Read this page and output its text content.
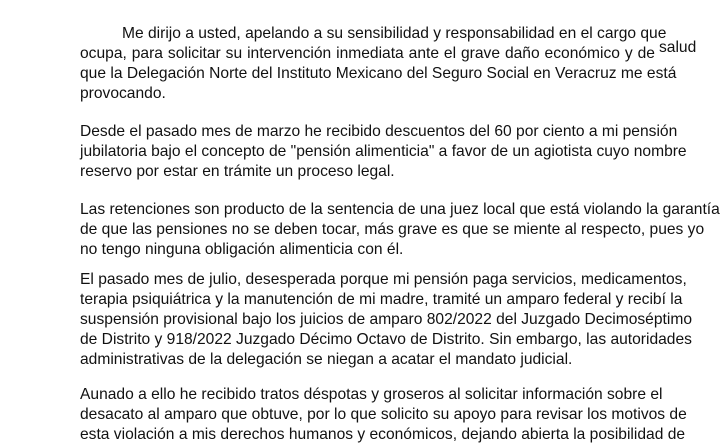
Me dirijo a usted, apelando a su sensibilidad y responsabilidad en el cargo que
ocupa, para solicitar su intervención inmediata ante el grave daño económico y de salud
que la Delegación Norte del Instituto Mexicano del Seguro Social en Veracruz me está
provocando.
Desde el pasado mes de marzo he recibido descuentos del 60 por ciento a mi pensión
jubilatoria bajo el concepto de "pensión alimenticia" a favor de un agiotista cuyo nombre
reservo por estar en trámite un proceso legal.
Las retenciones son producto de la sentencia de una juez local que está violando la garantía
de que las pensiones no se deben tocar, más grave es que se miente al respecto, pues yo
no tengo ninguna obligación alimenticia con él.
El pasado mes de julio, desesperada porque mi pensión paga servicios, medicamentos,
terapia psiquiátrica y la manutención de mi madre, tramité un amparo federal y recibí la
suspensión provisional bajo los juicios de amparo 802/2022 del Juzgado Decimoséptimo
de Distrito y 918/2022 Juzgado Décimo Octavo de Distrito. Sin embargo, las autoridades
administrativas de la delegación se niegan a acatar el mandato judicial.
Aunado a ello he recibido tratos déspotas y groseros al solicitar información sobre el
desacato al amparo que obtuve, por lo que solicito su apoyo para revisar los motivos de
esta violación a mis derechos humanos y económicos, dejando abierta la posibilidad de
